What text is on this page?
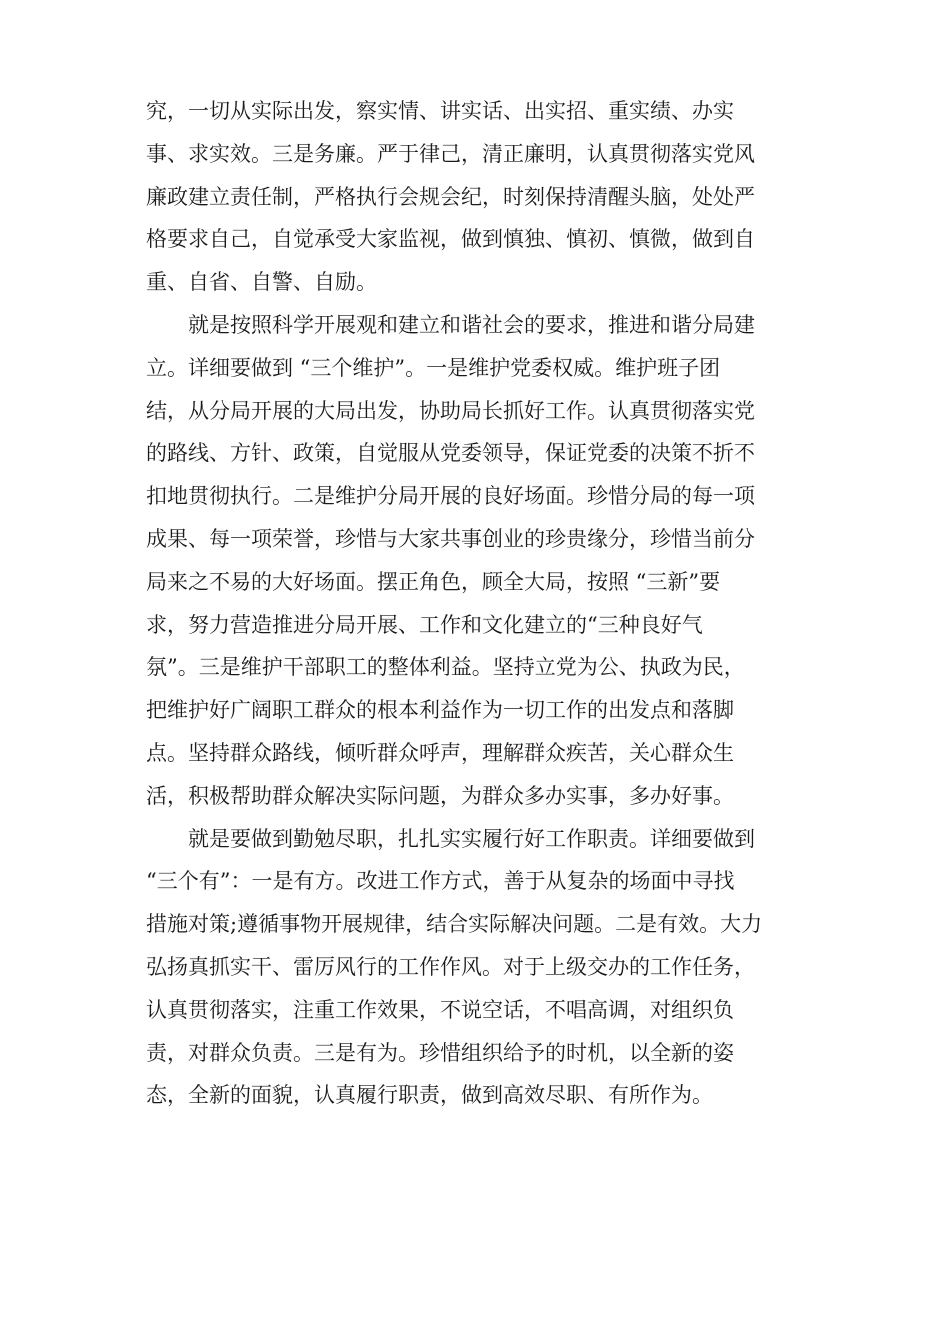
究，一切从实际出发，察实情、讲实话、出实招、重实绩、办实
事、求实效。三是务廉。严于律己，清正廉明，认真贯彻落实党风
廉政建立责任制，严格执行会规会纪，时刻保持清醒头脑，处处严
格要求自己，自觉承受大家监视，做到慎独、慎初、慎微，做到自
重、自省、自警、自励。
就是按照科学开展观和建立和谐社会的要求，推进和谐分局建
立。详细要做到 “三个维护”。一是维护党委权威。维护班子团
结，从分局开展的大局出发，协助局长抓好工作。认真贯彻落实党
的路线、方针、政策，自觉服从党委领导，保证党委的决策不折不
扣地贯彻执行。二是维护分局开展的良好场面。珍惜分局的每一项
成果、每一项荣誉，珍惜与大家共事创业的珍贵缘分，珍惜当前分
局来之不易的大好场面。摆正角色，顾全大局，按照 “三新”要
求，努力营造推进分局开展、工作和文化建立的“三种良好气
氛”。三是维护干部职工的整体利益。坚持立党为公、执政为民，
把维护好广阔职工群众的根本利益作为一切工作的出发点和落脚
点。坚持群众路线，倾听群众呼声，理解群众疾苦，关心群众生
活，积极帮助群众解决实际问题，为群众多办实事，多办好事。
就是要做到勤勉尽职，扎扎实实履行好工作职责。详细要做到
“三个有”：一是有方。改进工作方式，善于从复杂的场面中寻找
措施对策;遵循事物开展规律，结合实际解决问题。二是有效。大力
弘扬真抓实干、雷厉风行的工作作风。对于上级交办的工作任务，
认真贯彻落实，注重工作效果，不说空话，不唱高调，对组织负
责，对群众负责。三是有为。珍惜组织给予的时机，以全新的姿
态，全新的面貌，认真履行职责，做到高效尽职、有所作为。
